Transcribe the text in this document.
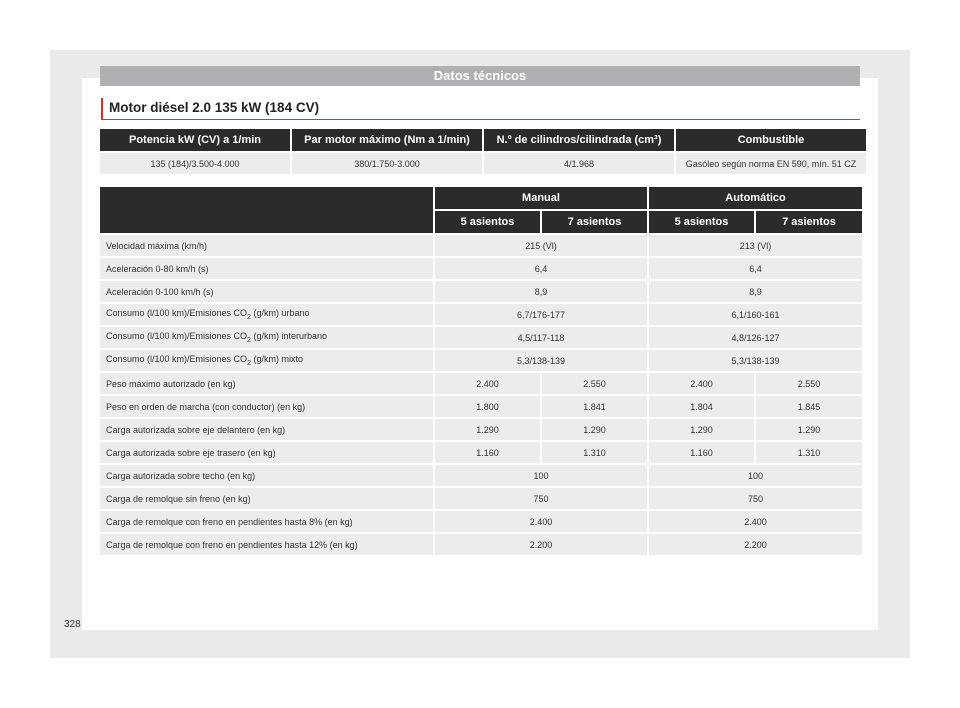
Datos técnicos
Motor diésel 2.0 135 kW (184 CV)
Potencia kW (CV) a 1/min	Par motor máximo (Nm a 1/min)	N.º de cilindros/cilindrada (cm³)	Combustible
135 (184)/3.500-4.000	380/1.750-3.000	4/1.968	Gasóleo según norma EN 590, mín. 51 CZ
	Manual		Automático	
	5 asientos	7 asientos	5 asientos	7 asientos
Velocidad máxima (km/h)	215 (Vl)		213 (Vl)	
Aceleración 0-80 km/h (s)	6,4		6,4	
Aceleración 0-100 km/h (s)	8,9		8,9	
Consumo (l/100 km)/Emisiones $CO_2$ (g/km) urbano	6,7/176-177		6,1/160-161	
Consumo (l/100 km)/Emisiones $CO_2$ (g/km) interurbano	4,5/117-118		4,8/126-127	
Consumo (l/100 km)/Emisiones $CO_2$ (g/km) mixto	5,3/138-139		5,3/138-139	
Peso máximo autorizado (en kg)	2.400	2.550	2.400	2.550
Peso en orden de marcha (con conductor) (en kg)	1.800	1.841	1.804	1.845
Carga autorizada sobre eje delantero (en kg)	1.290	1.290	1.290	1.290
Carga autorizada sobre eje trasero (en kg)	1.160	1.310	1.160	1.310
Carga autorizada sobre techo (en kg)	100		100	
Carga de remolque sin freno (en kg)	750		750	
Carga de remolque con freno en pendientes hasta 8% (en kg)	2.400		2.400	
Carga de remolque con freno en pendientes hasta 12% (en kg)	2.200		2.200	
328
